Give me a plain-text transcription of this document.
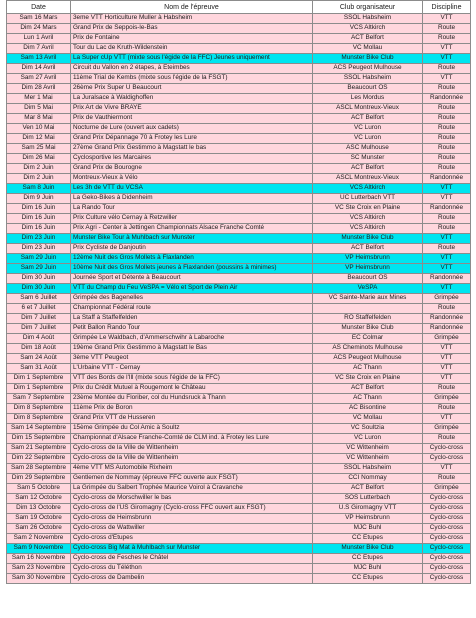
Date	Nom de l'épreuve	Club organisateur	Discipline
Sam 16 Mars	3eme VTT Horticulture Muller à Habsheim	SSOL Habsheim	VTT
Dim 24 Mars	Grand Prix de Seppois-le-Bas	VCS Altkirch	Route
Lun 1 Avril	Prix de Fontaine	ACT Belfort	Route
Dim 7 Avril	Tour du Lac de Kruth-Wildenstein	VC Mollau	VTT
Sam 13 Avril	La Super cUp VTT (mixte sous l'égide de la FFC) Jeunes uniquement	Munster Bike Club	VTT
Dim 14 Avril	Circuit du Vallon en 2 étapes, à Eteimbes	ACS Peugeot Mulhouse	Route
Sam 27 Avril	11ème Trial de Kembs (mixte sous l'égide de la FSGT)	SSOL Habsheim	VTT
Dim 28 Avril	26ème Prix Super U Beaucourt	Beaucourt OS	Route
Mer 1 Mai	La Juralsace à Waldighoffen	Les Mordus	Randonnée
Dim 5 Mai	Prix Art de Vivre BRAYE	ASCL Montreux-Vieux	Route
Mar 8 Mai	Prix de Vauthiermont	ACT Belfort	Route
Ven 10 Mai	Nocturne de Lure (ouvert aux cadets)	VC Luron	Route
Dim 12 Mai	Grand Prix Dépannage 70 à Frotey les Lure	VC Luron	Route
Sam 25 Mai	27ème Grand Prix Gestimmo à Magstatt le bas	ASC Mulhouse	Route
Dim 26 Mai	Cyclosportive les Marcaires	SC Munster	Route
Dim 2 Juin	Grand Prix de Bourogne	ACT Belfort	Route
Dim 2 Juin	Montreux-Vieux à Vélo	ASCL Montreux-Vieux	Randonnée
Sam 8 Juin	Les 3h de VTT du VCSA	VCS Altkirch	VTT
Dim 9 Juin	La Geko-Bikes à Didenheim	UC Lutterbach VTT	VTT
Dim 16 Juin	La Rando Tour	VC Ste Croix en Plaine	Randonnée
Dim 16 Juin	Prix Culture vélo Cernay à Retzwiller	VCS Altkirch	Route
Dim 16 Juin	Prix Agri - Center à Jettingen Championnats Alsace Franche Comté	VCS Altkirch	Route
Dim 23 Juin	Munster Bike Tour à Muhlbach sur Munster	Munster Bike Club	VTT
Dim 23 Juin	Prix Cycliste de Danjoutin	ACT Belfort	Route
Sam 29 Juin	12ème Nuit des Gros Mollets à Flaxlanden	VP Heimsbrunn	VTT
Sam 29 Juin	10ème Nuit des Gros Mollets jeunes à Flaxlanden (poussins à minimes)	VP Heimsbrunn	VTT
Dim 30 Juin	Journée Sport et Détente à Beaucourt	Beaucourt OS	Randonnée
Dim 30 Juin	VTT du Champ du Feu VeSPA = Vélo et Sport de Plein Air	VeSPA	VTT
Sam 6 Juillet	Grimpée des Bagenelles	VC Sainte-Marie aux Mines	Grimpée
6 et 7 Juillet	Championnat Fédéral route		Route
Dim 7 Juillet	La Staff à Staffelfelden	RO Staffelfelden	Randonnée
Dim 7 Juillet	Petit Ballon Rando Tour	Munster Bike Club	Randonnée
Dim 4 Août	Grimpée Le Waldbach, d'Ammerschwihr à Labaroche	EC Colmar	Grimpée
Dim 18 Août	19ème Grand Prix Gestimmo à Magstatt le Bas	AS Cheminots Mulhouse	VTT
Sam 24 Août	3ème VTT Peugeot	ACS Peugeot Mulhouse	VTT
Sam 31 Août	L'Urbaine VTT - Cernay	AC Thann	VTT
Dim 1 Septembre	VTT des Bords de l'Ill (mixte sous l'égide de la FFC)	VC Ste Croix en Plaine	VTT
Dim 1 Septembre	Prix du Crédit Mutuel à Rougemont le Château	ACT Belfort	Route
Sam 7 Septembre	23ème Montée du Floriber, col du Hundsruck à Thann	AC Thann	Grimpée
Dim 8 Septembre	11ème Prix de Boron	AC Bisontine	Route
Dim 8 Septembre	Grand Prix VTT de Husseren	VC Mollau	VTT
Sam 14 Septembre	15ème Grimpée du Col Amic à Soultz	VC Soultzia	Grimpée
Dim 15 Septembre	Championnat d'Alsace Franche-Comté de CLM ind. à Frotey les Lure	VC Luron	Route
Sam 21 Septembre	Cyclo-cross de la Ville de Wittenheim	VC Wittenheim	Cyclo-cross
Dim 22 Septembre	Cyclo-cross de la Ville de Wittenheim	VC Wittenheim	Cyclo-cross
Sam 28 Septembre	4ème VTT MS Automobile Rixheim	SSOL Habsheim	VTT
Dim 29 Septembre	Gentlemen de Nommay (épreuve FFC ouverte aux FSGT)	CCI Nommay	Route
Sam 5 Octobre	La Grimpée du Salbert Trophée Maurice Voirol à Cravanche	ACT Belfort	Grimpée
Sam 12 Octobre	Cyclo-cross de Morschwiller le bas	SOS Lutterbach	Cyclo-cross
Dim 13 Octobre	Cyclo-cross de l'US Giromagny (Cyclo-cross FFC ouvert aux FSGT)	U.S Giromagny VTT	Cyclo-cross
Sam 19 Octobre	Cyclo-cross de Heimsbrunn	VP Heimsbrunn	Cyclo-cross
Sam 26 Octobre	Cyclo-cross de Wattwiller	MJC Buhl	Cyclo-cross
Sam 2 Novembre	Cyclo-cross d'Etupes	CC Etupes	Cyclo-cross
Sam 9 Novembre	Cyclo-cross Big Mat à Muhlbach sur Munster	Munster Bike Club	Cyclo-cross
Sam 16 Novembre	Cyclo-cross de Fesches le Châtel	CC Etupes	Cyclo-cross
Sam 23 Novembre	Cyclo-cross du Téléthon	MJC Buhl	Cyclo-cross
Sam 30 Novembre	Cyclo-cross de Dambelin	CC Etupes	Cyclo-cross
